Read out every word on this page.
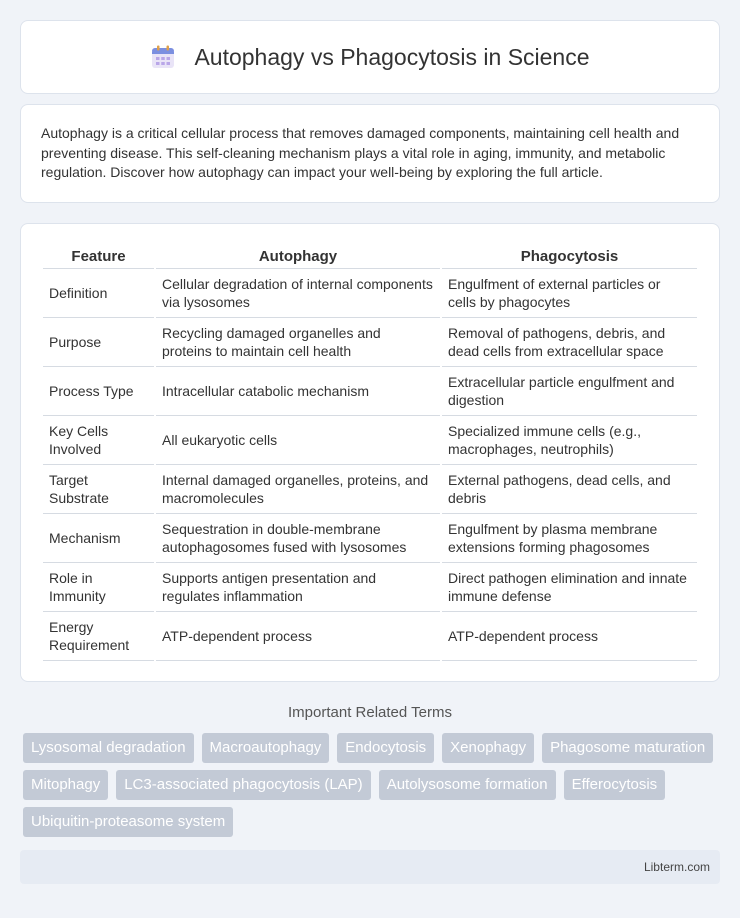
Autophagy vs Phagocytosis in Science

Autophagy is a critical cellular process that removes damaged components, maintaining cell health and preventing disease. This self-cleaning mechanism plays a vital role in aging, immunity, and metabolic regulation. Discover how autophagy can impact your well-being by exploring the full article.

Feature	Autophagy	Phagocytosis
Definition	Cellular degradation of internal components via lysosomes	Engulfment of external particles or cells by phagocytes
Purpose	Recycling damaged organelles and proteins to maintain cell health	Removal of pathogens, debris, and dead cells from extracellular space
Process Type	Intracellular catabolic mechanism	Extracellular particle engulfment and digestion
Key Cells Involved	All eukaryotic cells	Specialized immune cells (e.g., macrophages, neutrophils)
Target Substrate	Internal damaged organelles, proteins, and macromolecules	External pathogens, dead cells, and debris
Mechanism	Sequestration in double-membrane autophagosomes fused with lysosomes	Engulfment by plasma membrane extensions forming phagosomes
Role in Immunity	Supports antigen presentation and regulates inflammation	Direct pathogen elimination and innate immune defense
Energy Requirement	ATP-dependent process	ATP-dependent process
Important Related Terms
Lysosomal degradation	Macroautophagy	Endocytosis	Xenophagy	Phagosome maturation
Mitophagy	LC3-associated phagocytosis (LAP)	Autolysosome formation	Efferocytosis
Ubiquitin-proteasome system
Libterm.com
